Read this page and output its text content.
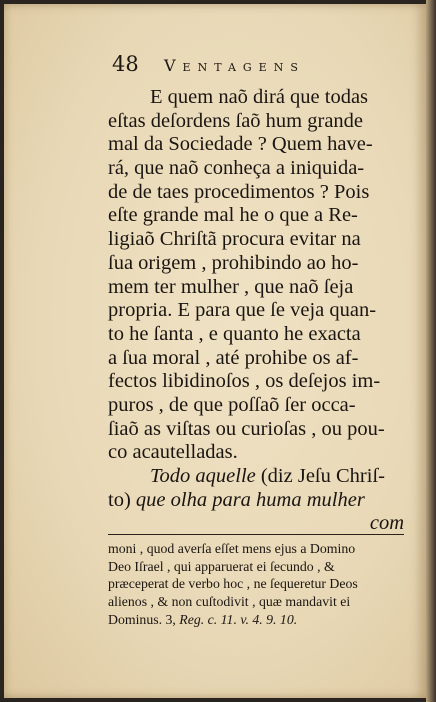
48 Ventagens
E quem naõ dirá que todas
eſtas deſordens ſaõ hum grande
mal da Sociedade ? Quem have-
rá, que naõ conheça a iniquida-
de de taes procedimentos ? Pois
eſte grande mal he o que a Re-
ligiaõ Chriſtã procura evitar na
ſua origem , prohibindo ao ho-
mem ter mulher , que naõ ſeja
propria. E para que ſe veja quan-
to he ſanta , e quanto he exacta
a ſua moral , até prohibe os af-
fectos libidinoſos , os deſejos im-
puros , de que poſſaõ ſer occa-
ſiaõ as viſtas ou curioſas , ou pou-
co acautelladas.
Todo aquelle (diz Jeſu Chriſ-
to) que olha para huma mulher
com
moni , quod averſa eſſet mens ejus a Domino
Deo Iſrael , qui apparuerat ei ſecundo , &
præceperat de verbo hoc , ne ſequeretur Deos
alienos , & non cuſtodivit , quæ mandavit ei
Dominus. 3, Reg. c. 11. v. 4. 9. 10.
